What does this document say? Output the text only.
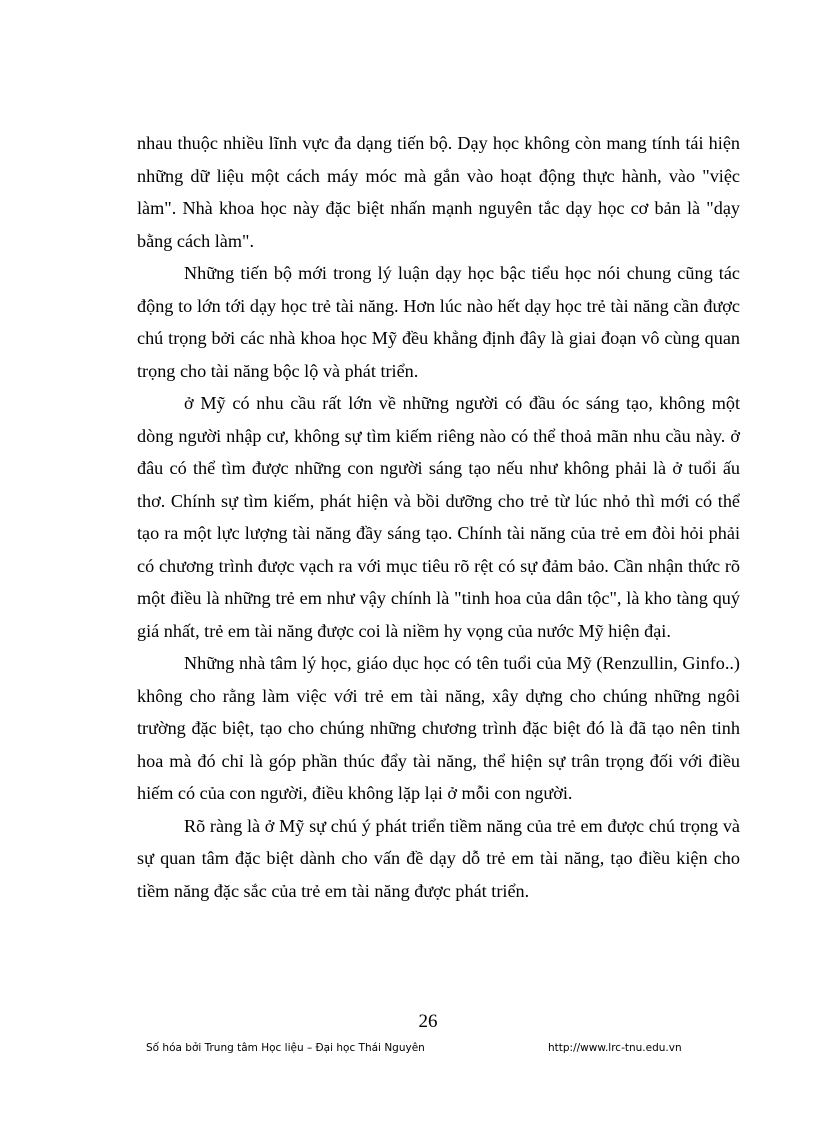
nhau thuộc nhiều lĩnh vực đa dạng tiến bộ. Dạy học không còn mang tính tái hiện những dữ liệu một cách máy móc mà gắn vào hoạt động thực hành, vào "việc làm". Nhà khoa học này đặc biệt nhấn mạnh nguyên tắc dạy học cơ bản là "dạy bằng cách làm".

Những tiến bộ mới trong lý luận dạy học bậc tiểu học nói chung cũng tác động to lớn tới dạy học trẻ tài năng. Hơn lúc nào hết dạy học trẻ tài năng cần được chú trọng bởi các nhà khoa học Mỹ đều khẳng định đây là giai đoạn vô cùng quan trọng cho tài năng bộc lộ và phát triển.

ở Mỹ có nhu cầu rất lớn về những người có đầu óc sáng tạo, không một dòng người nhập cư, không sự tìm kiếm riêng nào có thể thoả mãn nhu cầu này. ở đâu có thể tìm được những con người sáng tạo nếu như không phải là ở tuổi ấu thơ. Chính sự tìm kiếm, phát hiện và bồi dưỡng cho trẻ từ lúc nhỏ thì mới có thể tạo ra một lực lượng tài năng đầy sáng tạo. Chính tài năng của trẻ em đòi hỏi phải có chương trình được vạch ra với mục tiêu rõ rệt có sự đảm bảo. Cần nhận thức rõ một điều là những trẻ em như vậy chính là "tinh hoa của dân tộc", là kho tàng quý giá nhất, trẻ em tài năng được coi là niềm hy vọng của nước Mỹ hiện đại.

Những nhà tâm lý học, giáo dục học có tên tuổi của Mỹ (Renzullin, Ginfo..) không cho rằng làm việc với trẻ em tài năng, xây dựng cho chúng những ngôi trường đặc biệt, tạo cho chúng những chương trình đặc biệt đó là đã tạo nên tinh hoa mà đó chỉ là góp phần thúc đẩy tài năng, thể hiện sự trân trọng đối với điều hiếm có của con người, điều không lặp lại ở mỗi con người.

Rõ ràng là ở Mỹ sự chú ý phát triển tiềm năng của trẻ em được chú trọng và sự quan tâm đặc biệt dành cho vấn đề dạy dỗ trẻ em tài năng, tạo điều kiện cho tiềm năng đặc sắc của trẻ em tài năng được phát triển.

26
Số hóa bởi Trung tâm Học liệu – Đại học Thái Nguyên	http://www.lrc-tnu.edu.vn
